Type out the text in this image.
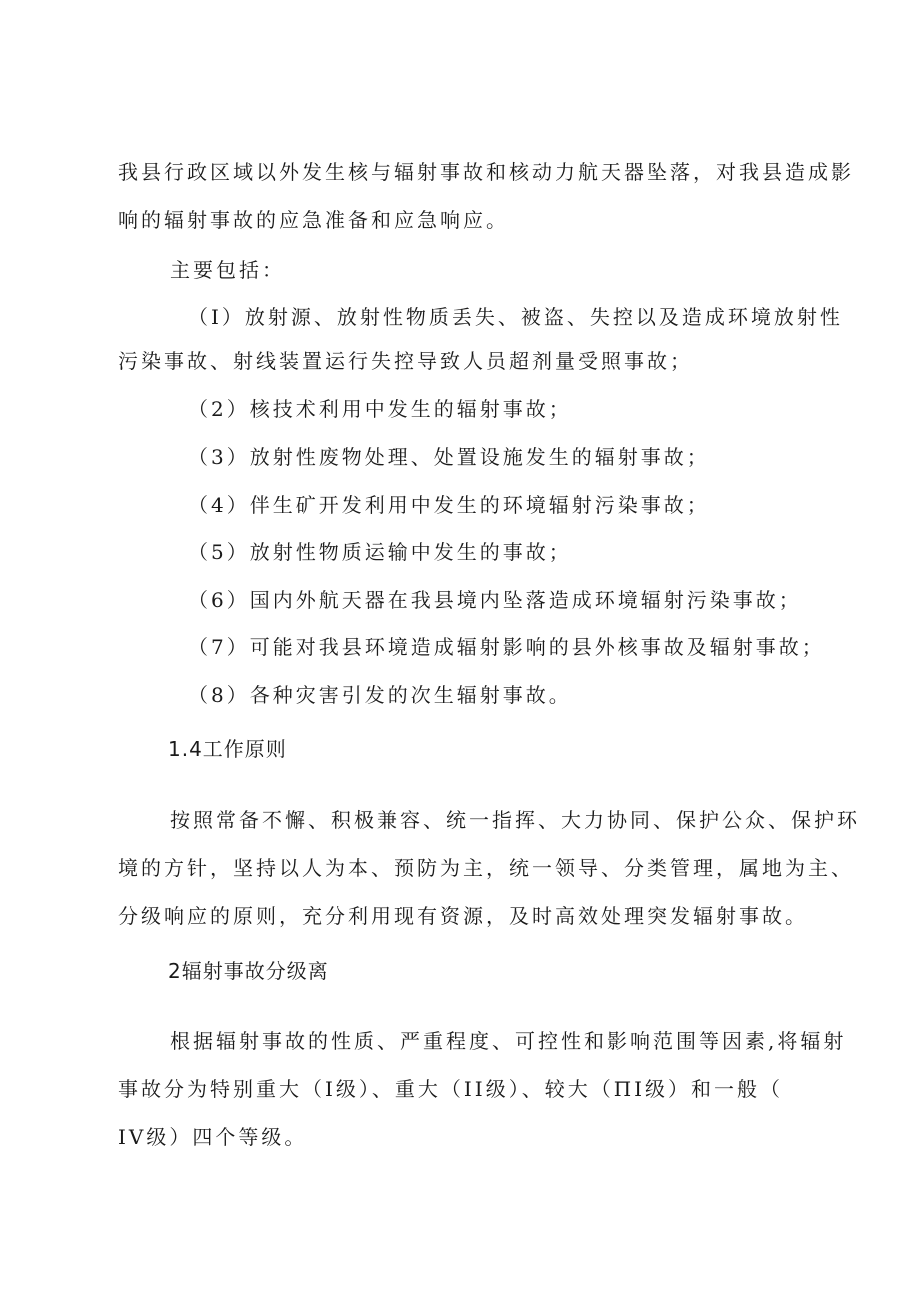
我县行政区域以外发生核与辐射事故和核动力航天器坠落，对我县造成影
响的辐射事故的应急准备和应急响应。
主要包括：
（I）放射源、放射性物质丢失、被盗、失控以及造成环境放射性
污染事故、射线装置运行失控导致人员超剂量受照事故；
（2）核技术利用中发生的辐射事故；
（3）放射性废物处理、处置设施发生的辐射事故；
（4）伴生矿开发利用中发生的环境辐射污染事故；
（5）放射性物质运输中发生的事故；
（6）国内外航天器在我县境内坠落造成环境辐射污染事故；
（7）可能对我县环境造成辐射影响的县外核事故及辐射事故；
（8）各种灾害引发的次生辐射事故。
1.4工作原则
按照常备不懈、积极兼容、统一指挥、大力协同、保护公众、保护环
境的方针，坚持以人为本、预防为主，统一领导、分类管理，属地为主、
分级响应的原则，充分利用现有资源，及时高效处理突发辐射事故。
2辐射事故分级离
根据辐射事故的性质、严重程度、可控性和影响范围等因素,将辐射
事故分为特别重大（I级）、重大（II级）、较大（ΠI级）和一般（
IV级）四个等级。
